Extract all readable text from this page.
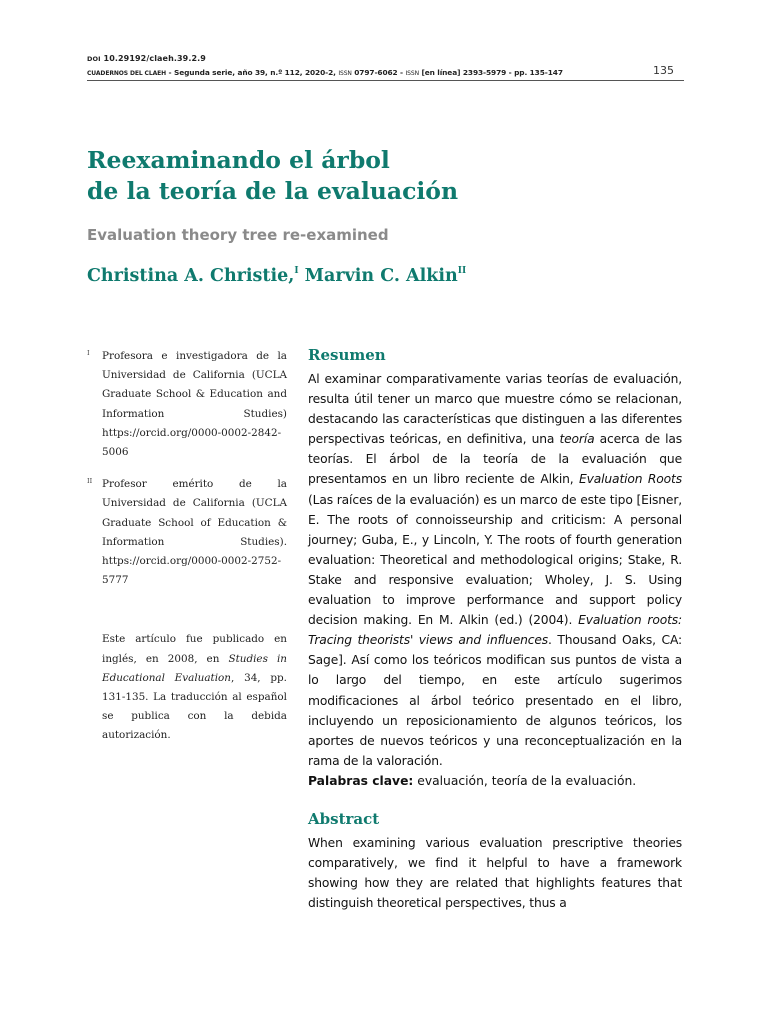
DOI 10.29192/claeh.39.2.9
CUADERNOS DEL CLAEH - Segunda serie, año 39, n.º 112, 2020-2, ISSN 0797-6062 - ISSN [en línea] 2393-5979 - pp. 135-147	135
Reexaminando el árbol
de la teoría de la evaluación
Evaluation theory tree re-examined
Christina A. Christie,$^I$ Marvin C. Alkin$^{II}$
I Profesora e investigadora de la Universidad de California (UCLA Graduate School & Education and Information Studies) https://orcid.org/0000-0002-2842-5006
II Profesor emérito de la Universidad de California (UCLA Graduate School of Education & Information Studies). https://orcid.org/0000-0002-2752-5777
Este artículo fue publicado en inglés, en 2008, en Studies in Educational Evaluation, 34, pp. 131-135. La traducción al español se publica con la debida autorización.
Resumen

Al examinar comparativamente varias teorías de evaluación, resulta útil tener un marco que muestre cómo se relacionan, destacando las características que distinguen a las diferentes perspectivas teóricas, en definitiva, una teoría acerca de las teorías. El árbol de la teoría de la evaluación que presentamos en un libro reciente de Alkin, Evaluation Roots (Las raíces de la evaluación) es un marco de este tipo [Eisner, E. The roots of connoisseurship and criticism: A personal journey; Guba, E., y Lincoln, Y. The roots of fourth generation evaluation: Theoretical and methodological origins; Stake, R. Stake and responsive evaluation; Wholey, J. S. Using evaluation to improve performance and support policy decision making. En M. Alkin (ed.) (2004). Evaluation roots: Tracing theorists' views and influences. Thousand Oaks, CA: Sage]. Así como los teóricos modifican sus puntos de vista a lo largo del tiempo, en este artículo sugerimos modificaciones al árbol teórico presentado en el libro, incluyendo un reposicionamiento de algunos teóricos, los aportes de nuevos teóricos y una reconceptualización en la rama de la valoración.

Palabras clave: evaluación, teoría de la evaluación.

Abstract

When examining various evaluation prescriptive theories comparatively, we find it helpful to have a framework showing how they are related that highlights features that distinguish theoretical perspectives, thus a
